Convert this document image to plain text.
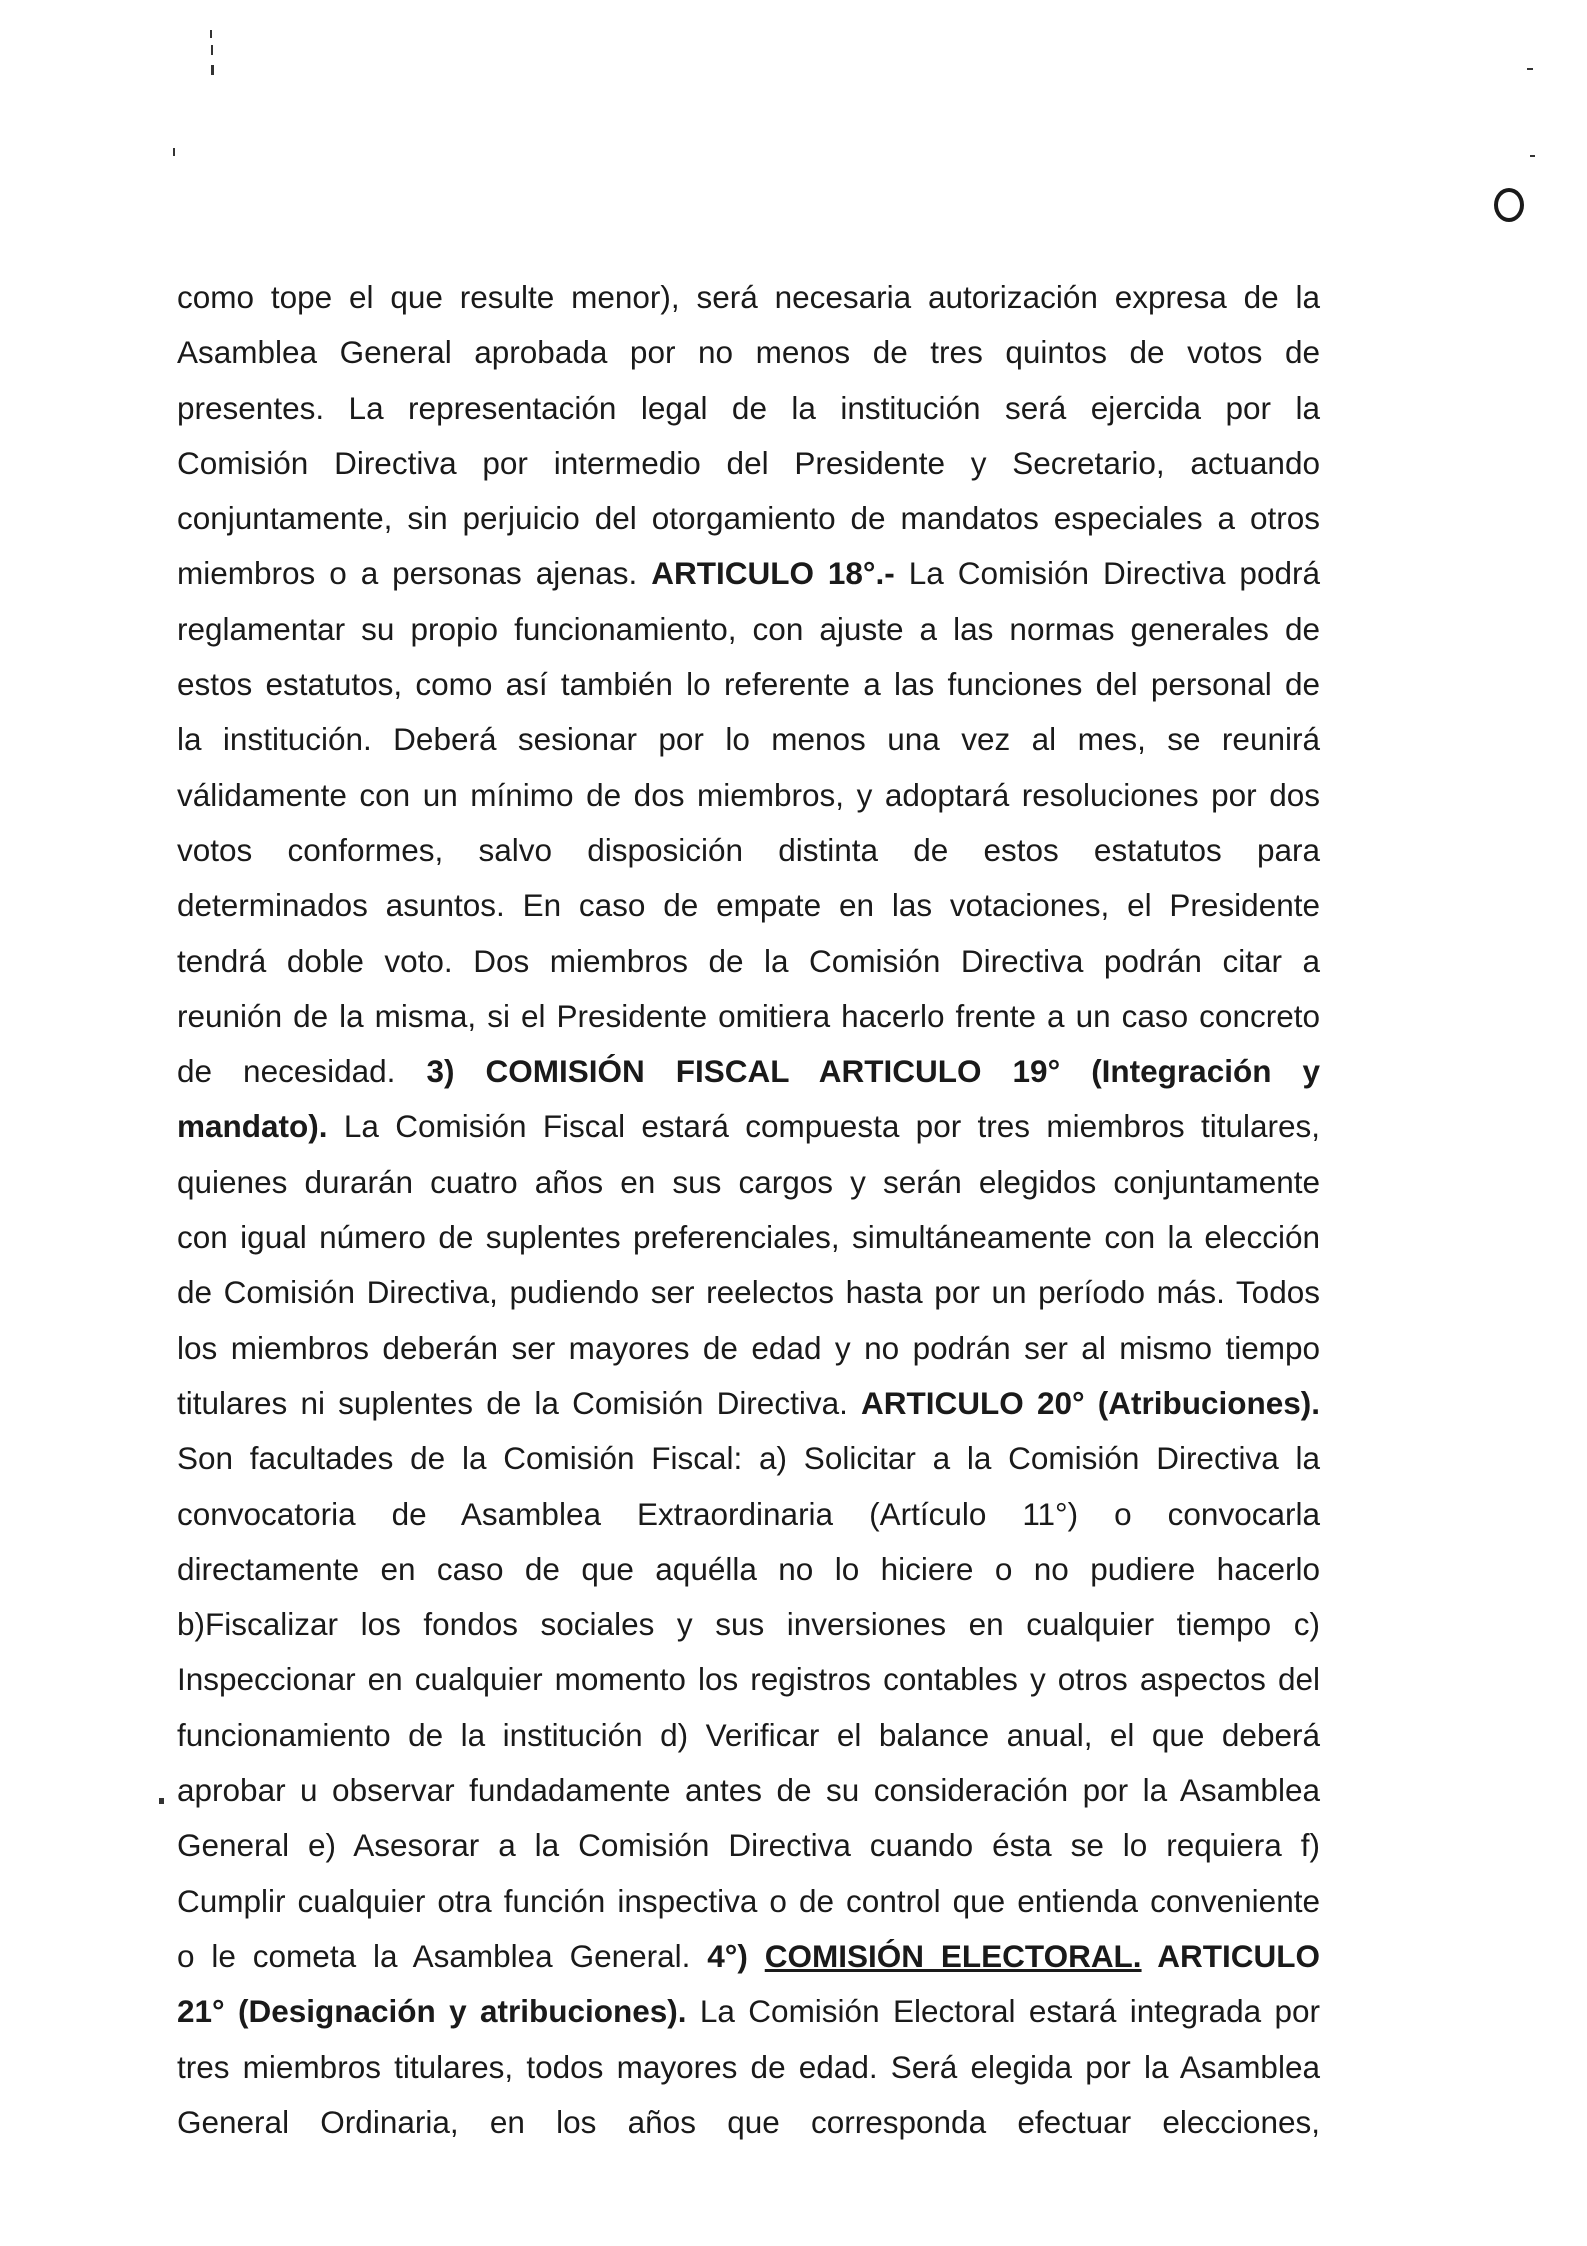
como tope el que resulte menor), será necesaria autorización expresa de la
Asamblea General aprobada por no menos de tres quintos de votos de
presentes. La representación legal de la institución será ejercida por la
Comisión Directiva por intermedio del Presidente y Secretario, actuando
conjuntamente, sin perjuicio del otorgamiento de mandatos especiales a otros
miembros o a personas ajenas. ARTICULO 18°.- La Comisión Directiva podrá
reglamentar su propio funcionamiento, con ajuste a las normas generales de
estos estatutos, como así también lo referente a las funciones del personal de
la institución. Deberá sesionar por lo menos una vez al mes, se reunirá
válidamente con un mínimo de dos miembros, y adoptará resoluciones por dos
votos conformes, salvo disposición distinta de estos estatutos para
determinados asuntos. En caso de empate en las votaciones, el Presidente
tendrá doble voto. Dos miembros de la Comisión Directiva podrán citar a
reunión de la misma, si el Presidente omitiera hacerlo frente a un caso concreto
de necesidad. 3) COMISIÓN FISCAL ARTICULO 19° (Integración y
mandato). La Comisión Fiscal estará compuesta por tres miembros titulares,
quienes durarán cuatro años en sus cargos y serán elegidos conjuntamente
con igual número de suplentes preferenciales, simultáneamente con la elección
de Comisión Directiva, pudiendo ser reelectos hasta por un período más. Todos
los miembros deberán ser mayores de edad y no podrán ser al mismo tiempo
titulares ni suplentes de la Comisión Directiva. ARTICULO 20° (Atribuciones).
Son facultades de la Comisión Fiscal: a) Solicitar a la Comisión Directiva la
convocatoria de Asamblea Extraordinaria (Artículo 11°) o convocarla
directamente en caso de que aquélla no lo hiciere o no pudiere hacerlo
b)Fiscalizar los fondos sociales y sus inversiones en cualquier tiempo c)
Inspeccionar en cualquier momento los registros contables y otros aspectos del
funcionamiento de la institución d) Verificar el balance anual, el que deberá
aprobar u observar fundadamente antes de su consideración por la Asamblea
General e) Asesorar a la Comisión Directiva cuando ésta se lo requiera f)
Cumplir cualquier otra función inspectiva o de control que entienda conveniente
o le cometa la Asamblea General. 4°) COMISIÓN ELECTORAL. ARTICULO
21° (Designación y atribuciones). La Comisión Electoral estará integrada por
tres miembros titulares, todos mayores de edad. Será elegida por la Asamblea
General Ordinaria, en los años que corresponda efectuar elecciones,
